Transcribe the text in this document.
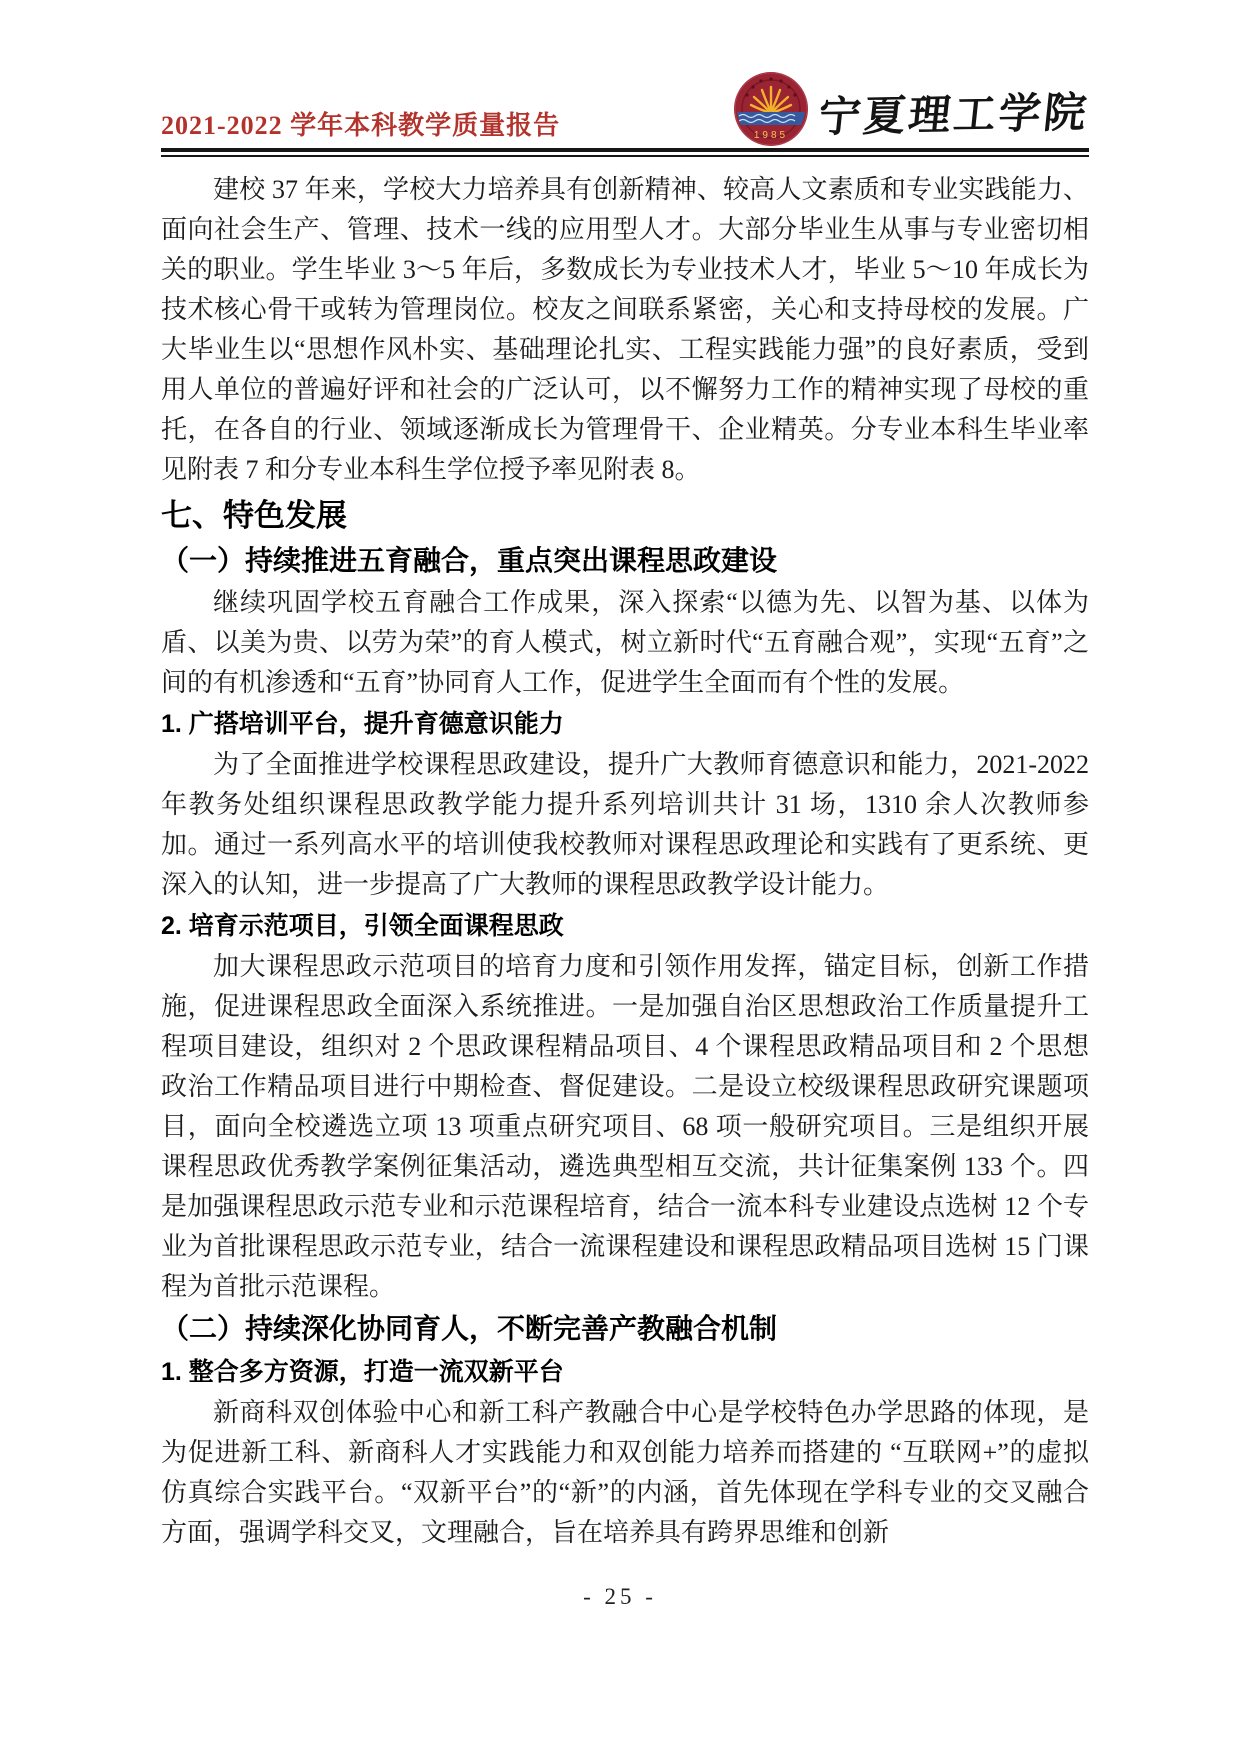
2021-2022 学年本科教学质量报告	1985 宁夏理工学院

建校 37 年来，学校大力培养具有创新精神、较高人文素质和专业实践能力、面向社会生产、管理、技术一线的应用型人才。大部分毕业生从事与专业密切相关的职业。学生毕业 3～5 年后，多数成长为专业技术人才，毕业 5～10 年成长为技术核心骨干或转为管理岗位。校友之间联系紧密，关心和支持母校的发展。广大毕业生以“思想作风朴实、基础理论扎实、工程实践能力强”的良好素质，受到用人单位的普遍好评和社会的广泛认可，以不懈努力工作的精神实现了母校的重托，在各自的行业、领域逐渐成长为管理骨干、企业精英。分专业本科生毕业率见附表 7 和分专业本科生学位授予率见附表 8。

七、特色发展
（一）持续推进五育融合，重点突出课程思政建设

继续巩固学校五育融合工作成果，深入探索“以德为先、以智为基、以体为盾、以美为贵、以劳为荣”的育人模式，树立新时代“五育融合观”，实现“五育”之间的有机渗透和“五育”协同育人工作，促进学生全面而有个性的发展。

1. 广搭培训平台，提升育德意识能力

为了全面推进学校课程思政建设，提升广大教师育德意识和能力，2021-2022 年教务处组织课程思政教学能力提升系列培训共计 31 场，1310 余人次教师参加。通过一系列高水平的培训使我校教师对课程思政理论和实践有了更系统、更深入的认知，进一步提高了广大教师的课程思政教学设计能力。

2. 培育示范项目，引领全面课程思政

加大课程思政示范项目的培育力度和引领作用发挥，锚定目标，创新工作措施，促进课程思政全面深入系统推进。一是加强自治区思想政治工作质量提升工程项目建设，组织对 2 个思政课程精品项目、4 个课程思政精品项目和 2 个思想政治工作精品项目进行中期检查、督促建设。二是设立校级课程思政研究课题项目，面向全校遴选立项 13 项重点研究项目、68 项一般研究项目。三是组织开展课程思政优秀教学案例征集活动，遴选典型相互交流，共计征集案例 133 个。四是加强课程思政示范专业和示范课程培育，结合一流本科专业建设点选树 12 个专业为首批课程思政示范专业，结合一流课程建设和课程思政精品项目选树 15 门课程为首批示范课程。

（二）持续深化协同育人，不断完善产教融合机制
1. 整合多方资源，打造一流双新平台

新商科双创体验中心和新工科产教融合中心是学校特色办学思路的体现，是为促进新工科、新商科人才实践能力和双创能力培养而搭建的 “互联网+”的虚拟仿真综合实践平台。“双新平台”的“新”的内涵，首先体现在学科专业的交叉融合方面，强调学科交叉，文理融合，旨在培养具有跨界思维和创新

- 25 -
